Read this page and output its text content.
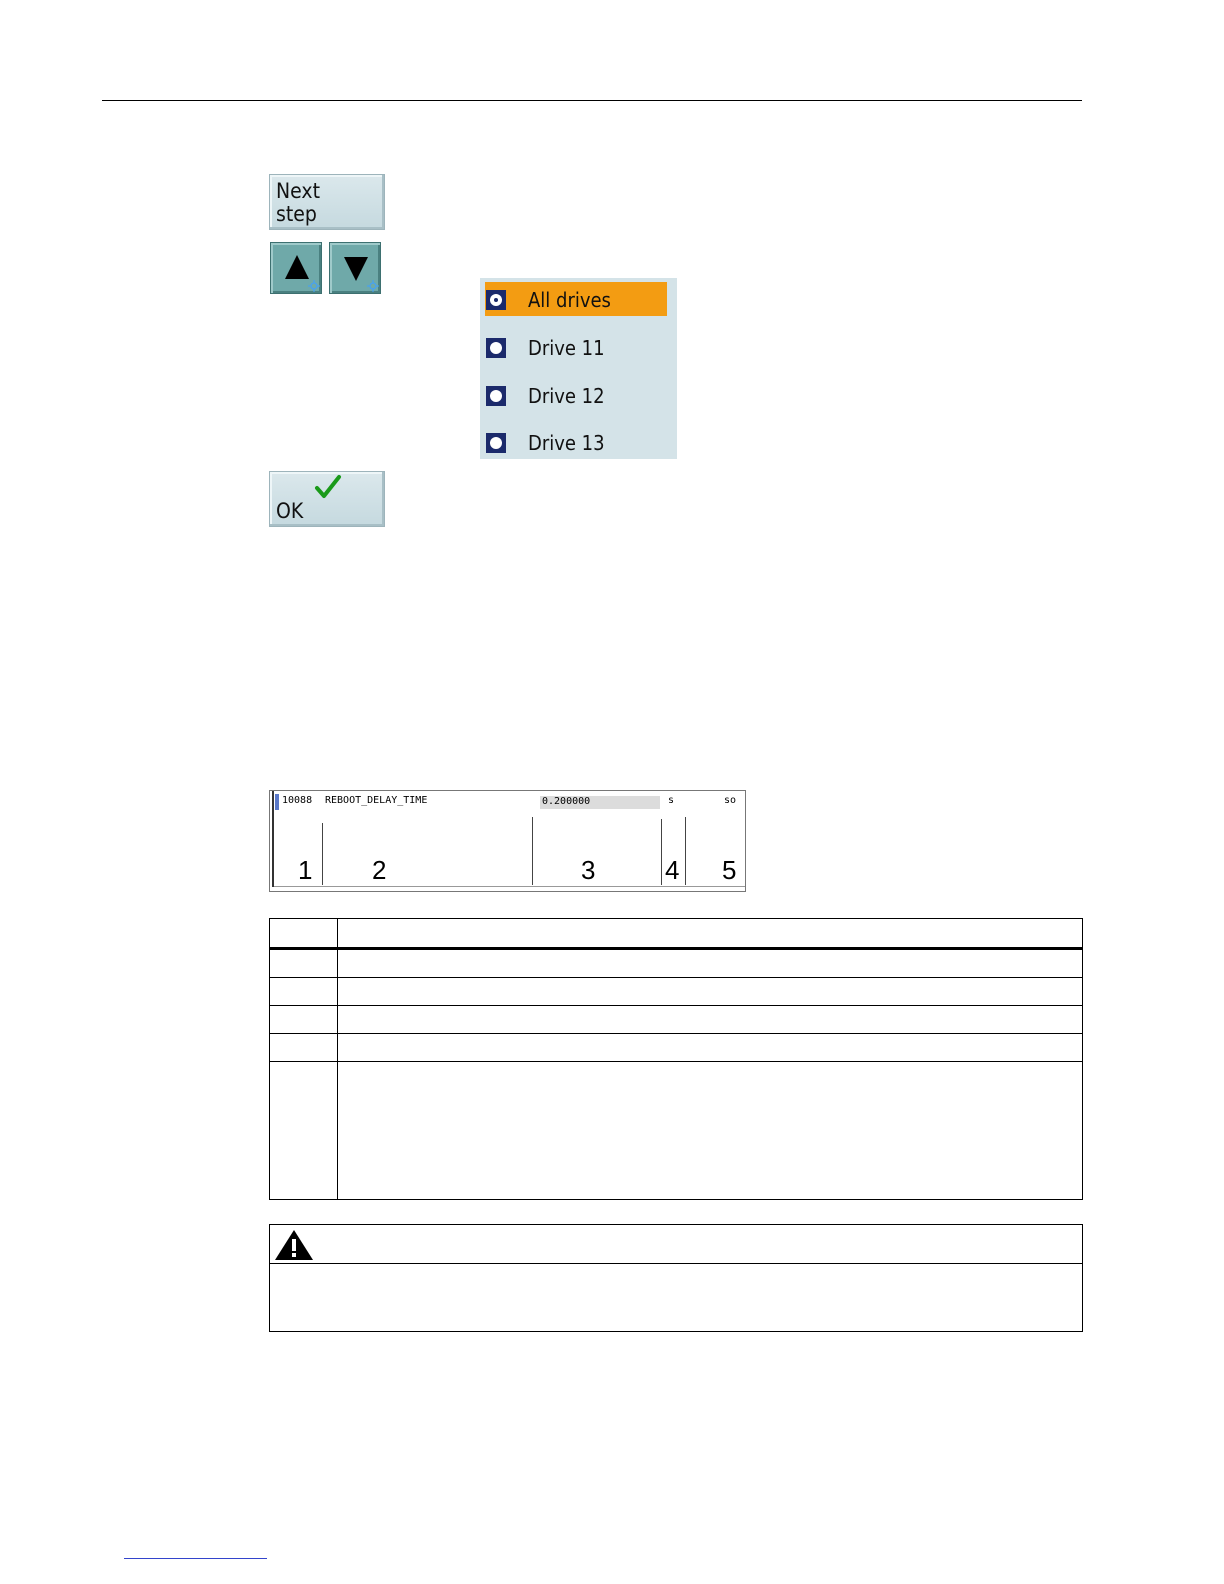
Next
step
All drives
Drive 11
Drive 12
Drive 13
OK
10088 REBOOT_DELAY_TIME

	0.200000

	s	so
1 2	3	4 5
